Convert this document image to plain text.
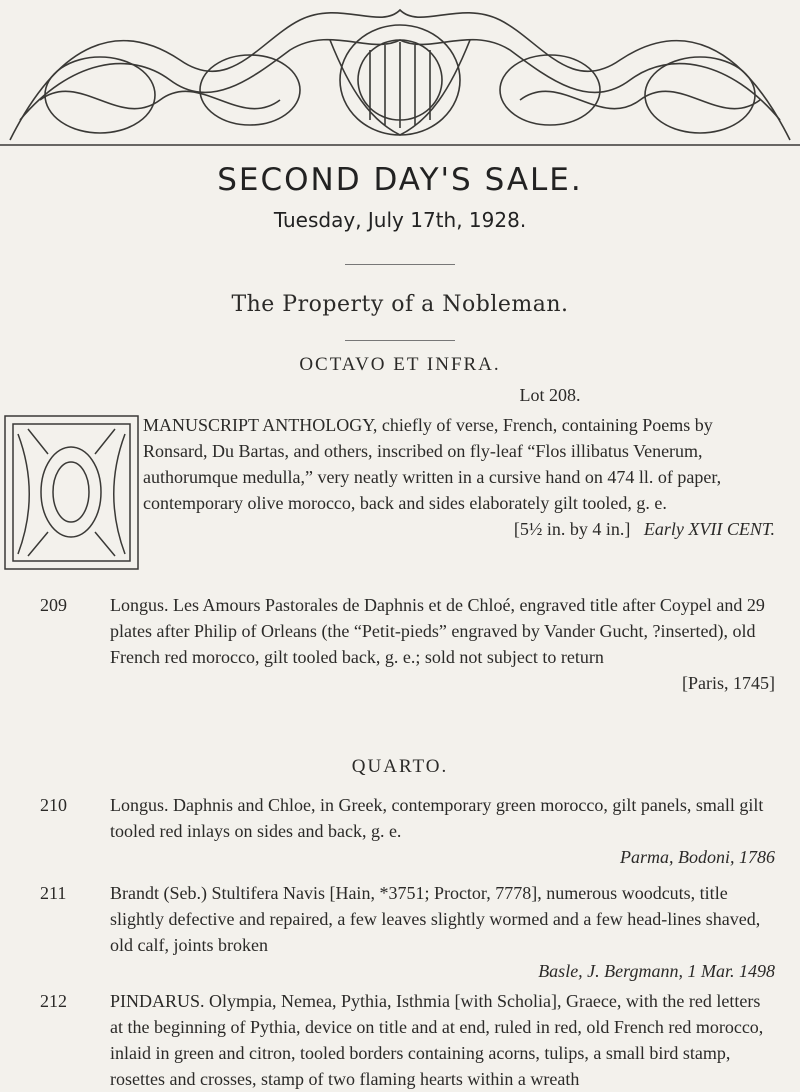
SECOND DAY'S SALE.
Tuesday, July 17th, 1928.
The Property of a Nobleman.
OCTAVO ET INFRA.
Lot 208.
MANUSCRIPT ANTHOLOGY, chiefly of verse, French, containing Poems by Ronsard, Du Bartas, and others, inscribed on fly-leaf “Flos illibatus Venerum, authorumque medulla,” very neatly written in a cursive hand on 474 ll. of paper, contemporary olive morocco, back and sides elaborately gilt tooled, g. e.
[5½ in. by 4 in.] Early XVII CENT.
209	Longus. Les Amours Pastorales de Daphnis et de Chloé, engraved title after Coypel and 29 plates after Philip of Orleans (the “Petit-pieds” engraved by Vander Gucht, ?inserted), old French red morocco, gilt tooled back, g. e.; sold not subject to return
[Paris, 1745]
QUARTO.
210	Longus. Daphnis and Chloe, in Greek, contemporary green morocco, gilt panels, small gilt tooled red inlays on sides and back, g. e.
Parma, Bodoni, 1786
211	Brandt (Seb.) Stultifera Navis [Hain, *3751; Proctor, 7778], numerous woodcuts, title slightly defective and repaired, a few leaves slightly wormed and a few head-lines shaved, old calf, joints broken
Basle, J. Bergmann, 1 Mar. 1498
212	PINDARUS. Olympia, Nemea, Pythia, Isthmia [with Scholia], Graece, with the red letters at the beginning of Pythia, device on title and at end, ruled in red, old French red morocco, inlaid in green and citron, tooled borders containing acorns, tulips, a small bird stamp, rosettes and crosses, stamp of two flaming hearts within a wreath
